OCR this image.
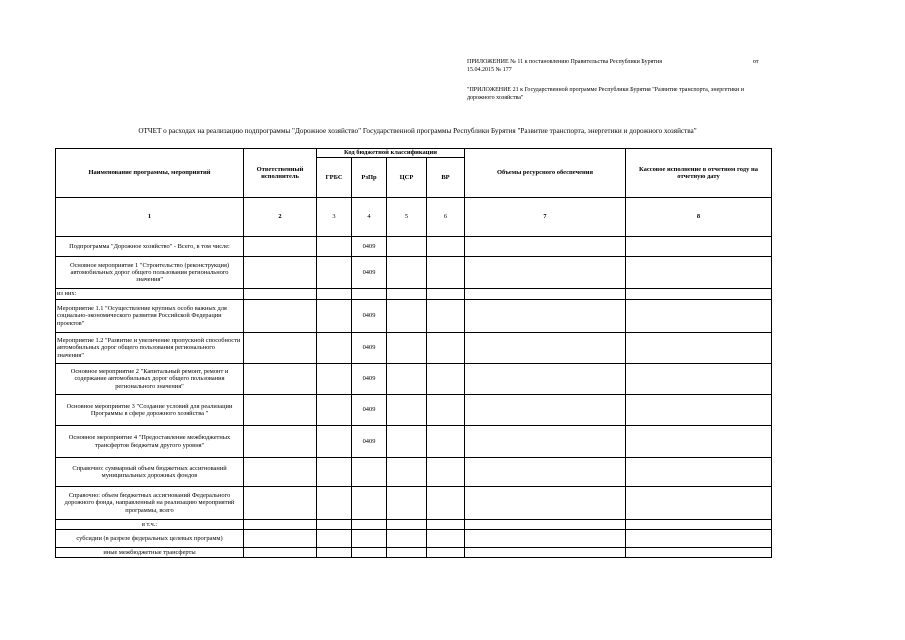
ПРИЛОЖЕНИЕ № 11 к постановлению Правительства Республики Бурятия	от
15.04.2015 № 177
"ПРИЛОЖЕНИЕ 21 к Государственной программе Республики Бурятия "Развитие транспорта, энергетики и дорожного хозяйства"
ОТЧЕТ о расходах на реализацию подпрограммы "Дорожное хозяйство" Государственной программы Республики Бурятия "Развитие транспорта, энергетики и дорожного хозяйства"
Наименование программы, мероприятий	Ответственный исполнитель	Код бюджетной классификации				Объемы ресурсного обеспечения	Кассовое исполнение в отчетном году на отчетную дату
		ГРБС	РзПр	ЦСР	ВР		
1	2	3	4	5	6	7	8
Подпрограмма "Дорожное хозяйство" - Всего, в том числе:			0409				
Основное мероприятие 1 "Строительство (реконструкция) автомобильных дорог общего пользования регионального значения"			0409				
из них:							
Мероприятие 1.1 "Осуществление крупных особо важных для социально-экономического развития Российской Федерации проектов"			0409				
Мероприятие 1.2 "Развитие и увеличение пропускной способности автомобильных дорог общего пользования регионального значения"			0409				
Основное мероприятие 2 "Капитальный ремонт, ремонт и содержание автомобильных дорог общего пользования регионального значения"			0409				
Основное мероприятие 3 "Создание условий для реализации Программы в сфере дорожного хозяйства "			0409				
Основное мероприятие 4 "Предоставление межбюджетных трансфертов бюджетам другого уровня"			0409				
Справочно: суммарный объем бюджетных ассигнований муниципальных дорожных фондов							
Справочно: объем бюджетных ассигнований Федерального дорожного фонда, направленный на реализацию мероприятий программы, всего							
в т.ч.:							
субсидии (в разрезе федеральных целевых программ)							
иные межбюджетные трансферты							
